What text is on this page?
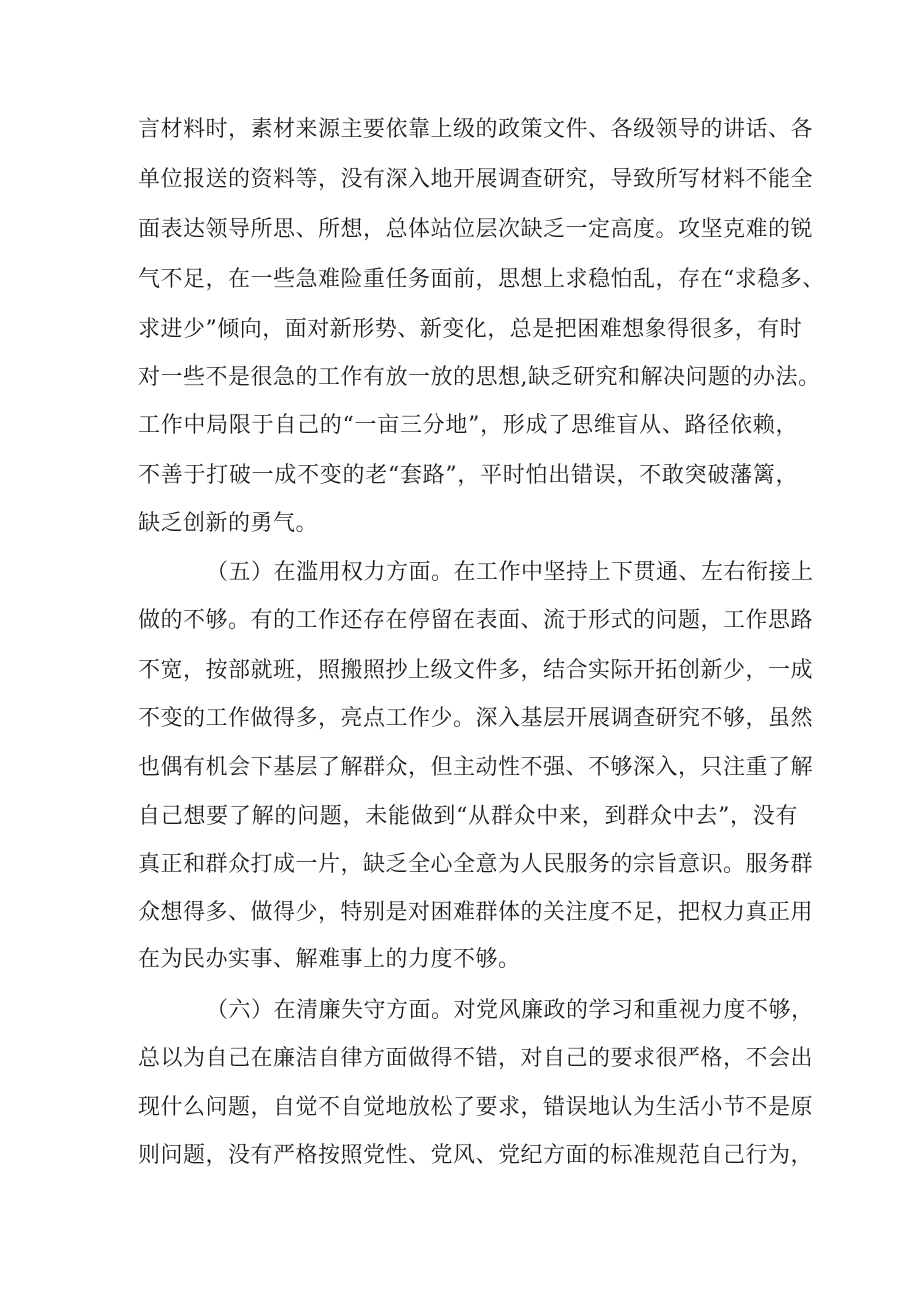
言材料时，素材来源主要依靠上级的政策文件、各级领导的讲话、各
单位报送的资料等，没有深入地开展调查研究，导致所写材料不能全
面表达领导所思、所想，总体站位层次缺乏一定高度。攻坚克难的锐
气不足，在一些急难险重任务面前，思想上求稳怕乱，存在“求稳多、
求进少”倾向，面对新形势、新变化，总是把困难想象得很多，有时
对一些不是很急的工作有放一放的思想,缺乏研究和解决问题的办法。
工作中局限于自己的“一亩三分地”，形成了思维盲从、路径依赖，
不善于打破一成不变的老“套路”，平时怕出错误，不敢突破藩篱，
缺乏创新的勇气。
（五）在滥用权力方面。在工作中坚持上下贯通、左右衔接上
做的不够。有的工作还存在停留在表面、流于形式的问题，工作思路
不宽，按部就班，照搬照抄上级文件多，结合实际开拓创新少，一成
不变的工作做得多，亮点工作少。深入基层开展调查研究不够，虽然
也偶有机会下基层了解群众，但主动性不强、不够深入，只注重了解
自己想要了解的问题，未能做到“从群众中来，到群众中去”，没有
真正和群众打成一片，缺乏全心全意为人民服务的宗旨意识。服务群
众想得多、做得少，特别是对困难群体的关注度不足，把权力真正用
在为民办实事、解难事上的力度不够。
（六）在清廉失守方面。对党风廉政的学习和重视力度不够，
总以为自己在廉洁自律方面做得不错，对自己的要求很严格，不会出
现什么问题，自觉不自觉地放松了要求，错误地认为生活小节不是原
则问题，没有严格按照党性、党风、党纪方面的标准规范自己行为，
